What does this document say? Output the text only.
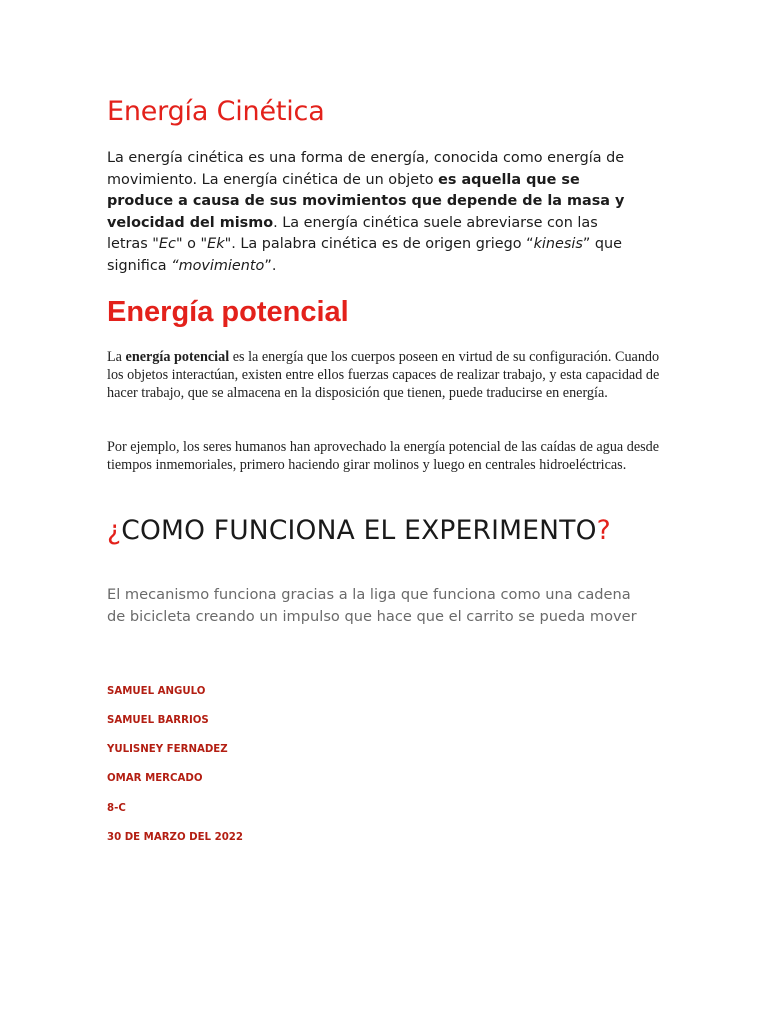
Energía Cinética

La energía cinética es una forma de energía, conocida como energía de movimiento. La energía cinética de un objeto es aquella que se produce a causa de sus movimientos que depende de la masa y velocidad del mismo. La energía cinética suele abreviarse con las letras "Ec" o "Ek". La palabra cinética es de origen griego “kinesis” que significa “movimiento”.

Energía potencial

La energía potencial es la energía que los cuerpos poseen en virtud de su configuración. Cuando los objetos interactúan, existen entre ellos fuerzas capaces de realizar trabajo, y esta capacidad de hacer trabajo, que se almacena en la disposición que tienen, puede traducirse en energía.

Por ejemplo, los seres humanos han aprovechado la energía potencial de las caídas de agua desde tiempos inmemoriales, primero haciendo girar molinos y luego en centrales hidroeléctricas.

¿COMO FUNCIONA EL EXPERIMENTO?

El mecanismo funciona gracias a la liga que funciona como una cadena de bicicleta creando un impulso que hace que el carrito se pueda mover

SAMUEL ANGULO
SAMUEL BARRIOS
YULISNEY FERNADEZ
OMAR MERCADO
8-C
30 DE MARZO DEL 2022
